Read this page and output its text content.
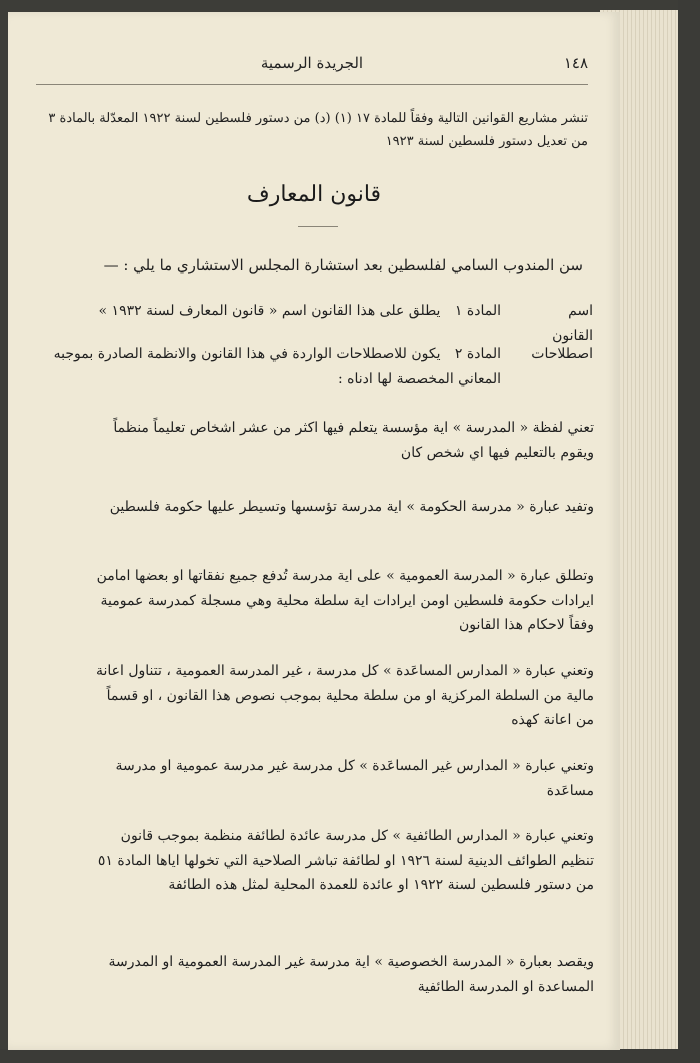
الجريدة الرسمية	١٤٨
تنشر مشاريع القوانين التالية وفقاً للمادة ١٧ (١) (د) من دستور فلسطين لسنة ١٩٢٢ المعدّلة بالمادة ٣ من تعديل دستور فلسطين لسنة ١٩٢٣
قانون المعارف
سن المندوب السامي لفلسطين بعد استشارة المجلس الاستشاري ما يلي : —
اسم القانون
المادة ١ يطلق على هذا القانون اسم « قانون المعارف لسنة ١٩٣٢ »
اصطلاحات
المادة ٢ يكون للاصطلاحات الواردة في هذا القانون والانظمة الصادرة بموجبه المعاني المخصصة لها ادناه :
تعني لفظة « المدرسة » اية مؤسسة يتعلم فيها اكثر من عشر اشخاص تعليماً منظماً ويقوم بالتعليم فيها اي شخص كان
وتفيد عبارة « مدرسة الحكومة » اية مدرسة تؤسسها وتسيطر عليها حكومة فلسطين
وتطلق عبارة « المدرسة العمومية » على اية مدرسة تُدفع جميع نفقاتها او بعضها امامن ايرادات حكومة فلسطين اومن ايرادات اية سلطة محلية وهي مسجلة كمدرسة عمومية وفقاً لاحكام هذا القانون
وتعني عبارة « المدارس المساعَدة » كل مدرسة ، غير المدرسة العمومية ، تتناول اعانة مالية من السلطة المركزية او من سلطة محلية بموجب نصوص هذا القانون ، او قسماً من اعانة كهذه
وتعني عبارة « المدارس غير المساعَدة » كل مدرسة غير مدرسة عمومية او مدرسة مساعَدة
وتعني عبارة « المدارس الطائفية » كل مدرسة عائدة لطائفة منظمة بموجب قانون تنظيم الطوائف الدينية لسنة ١٩٢٦ او لطائفة تباشر الصلاحية التي تخولها اياها المادة ٥١ من دستور فلسطين لسنة ١٩٢٢ او عائدة للعمدة المحلية لمثل هذه الطائفة
ويقصد بعبارة « المدرسة الخصوصية » اية مدرسة غير المدرسة العمومية او المدرسة المساعدة او المدرسة الطائفية
